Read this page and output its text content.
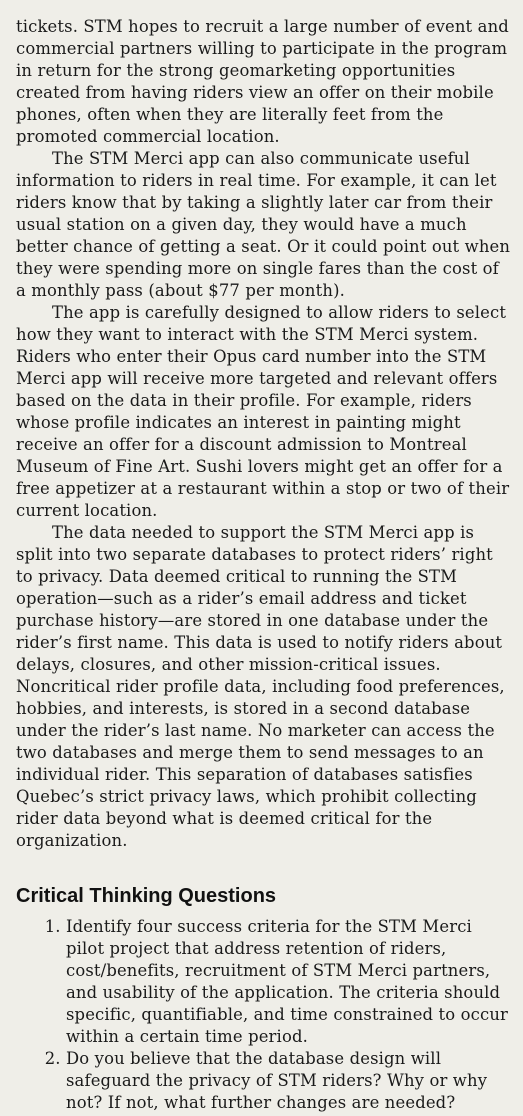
tickets. STM hopes to recruit a large number of event and commercial partners willing to participate in the program in return for the strong geomarketing opportunities created from having riders view an offer on their mobile phones, often when they are literally feet from the promoted commercial location.

The STM Merci app can also communicate useful information to riders in real time. For example, it can let riders know that by taking a slightly later car from their usual station on a given day, they would have a much better chance of getting a seat. Or it could point out when they were spending more on single fares than the cost of a monthly pass (about $77 per month).

The app is carefully designed to allow riders to select how they want to interact with the STM Merci system. Riders who enter their Opus card number into the STM Merci app will receive more targeted and relevant offers based on the data in their profile. For example, riders whose profile indicates an interest in painting might receive an offer for a discount admission to Montreal Museum of Fine Art. Sushi lovers might get an offer for a free appetizer at a restaurant within a stop or two of their current location.

The data needed to support the STM Merci app is split into two separate databases to protect riders’ right to privacy. Data deemed critical to running the STM operation—such as a rider’s email address and ticket purchase history—are stored in one database under the rider’s first name. This data is used to notify riders about delays, closures, and other mission-critical issues. Noncritical rider profile data, including food preferences, hobbies, and interests, is stored in a second database under the rider’s last name. No marketer can access the two databases and merge them to send messages to an individual rider. This separation of databases satisfies Quebec’s strict privacy laws, which prohibit collecting rider data beyond what is deemed critical for the organization.

Critical Thinking Questions
1. Identify four success criteria for the STM Merci pilot project that address retention of riders, cost/benefits, recruitment of STM Merci partners, and usability of the application. The criteria should specific, quantifiable, and time constrained to occur within a certain time period.
2. Do you believe that the database design will safeguard the privacy of STM riders? Why or why not? If not, what further changes are needed?
